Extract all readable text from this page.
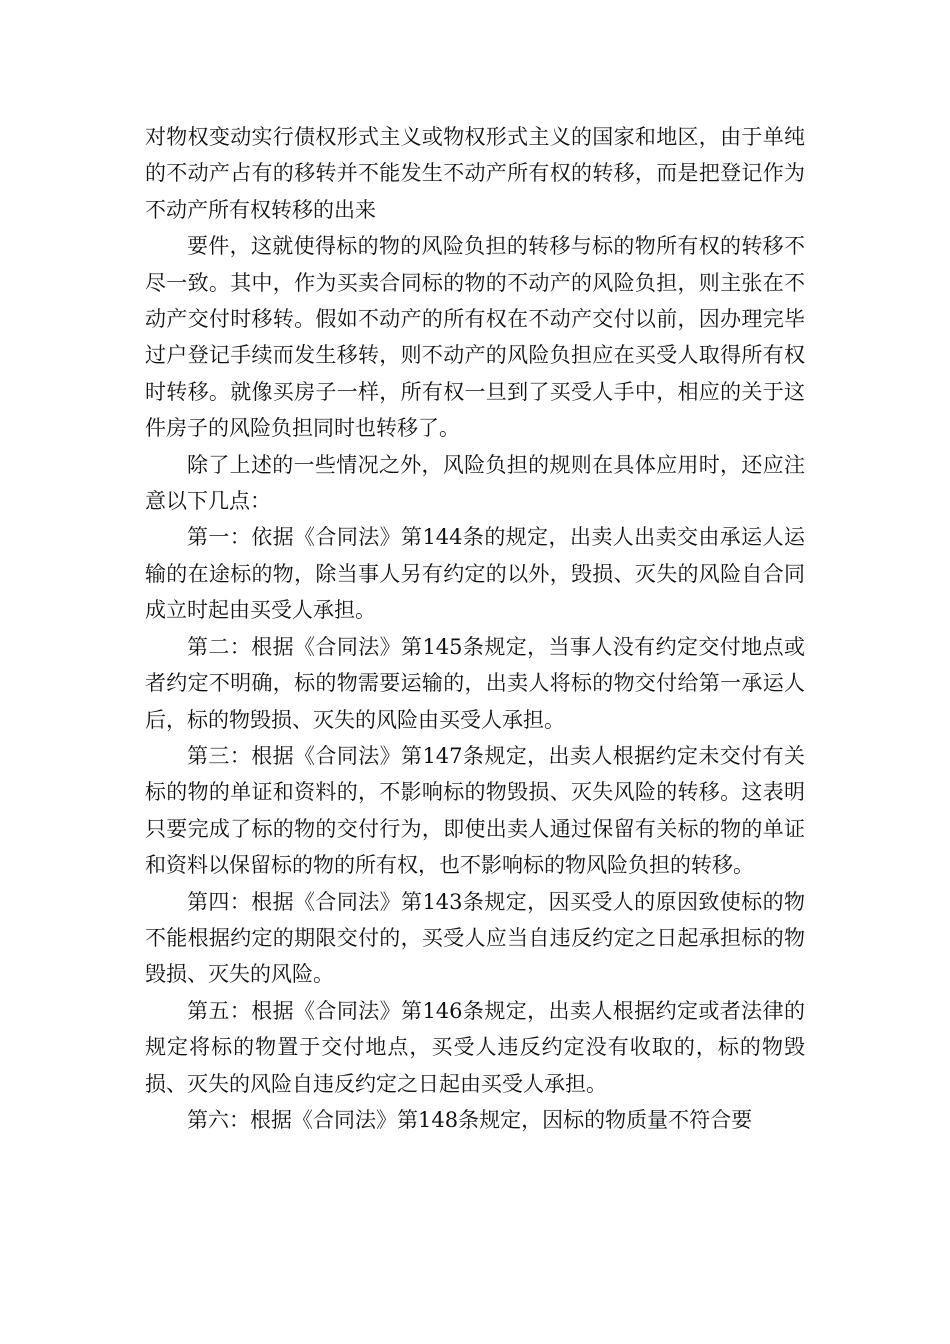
对物权变动实行债权形式主义或物权形式主义的国家和地区，由于单纯的不动产占有的移转并不能发生不动产所有权的转移，而是把登记作为不动产所有权转移的出来

要件，这就使得标的物的风险负担的转移与标的物所有权的转移不尽一致。其中，作为买卖合同标的物的不动产的风险负担，则主张在不动产交付时移转。假如不动产的所有权在不动产交付以前，因办理完毕过户登记手续而发生移转，则不动产的风险负担应在买受人取得所有权时转移。就像买房子一样，所有权一旦到了买受人手中，相应的关于这件房子的风险负担同时也转移了。

除了上述的一些情况之外，风险负担的规则在具体应用时，还应注意以下几点：

第一：依据《合同法》第144条的规定，出卖人出卖交由承运人运输的在途标的物，除当事人另有约定的以外，毁损、灭失的风险自合同成立时起由买受人承担。

第二：根据《合同法》第145条规定，当事人没有约定交付地点或者约定不明确，标的物需要运输的，出卖人将标的物交付给第一承运人后，标的物毁损、灭失的风险由买受人承担。

第三：根据《合同法》第147条规定，出卖人根据约定未交付有关标的物的单证和资料的，不影响标的物毁损、灭失风险的转移。这表明只要完成了标的物的交付行为，即使出卖人通过保留有关标的物的单证和资料以保留标的物的所有权，也不影响标的物风险负担的转移。

第四：根据《合同法》第143条规定，因买受人的原因致使标的物不能根据约定的期限交付的，买受人应当自违反约定之日起承担标的物毁损、灭失的风险。

第五：根据《合同法》第146条规定，出卖人根据约定或者法律的规定将标的物置于交付地点，买受人违反约定没有收取的，标的物毁损、灭失的风险自违反约定之日起由买受人承担。

第六：根据《合同法》第148条规定，因标的物质量不符合要
